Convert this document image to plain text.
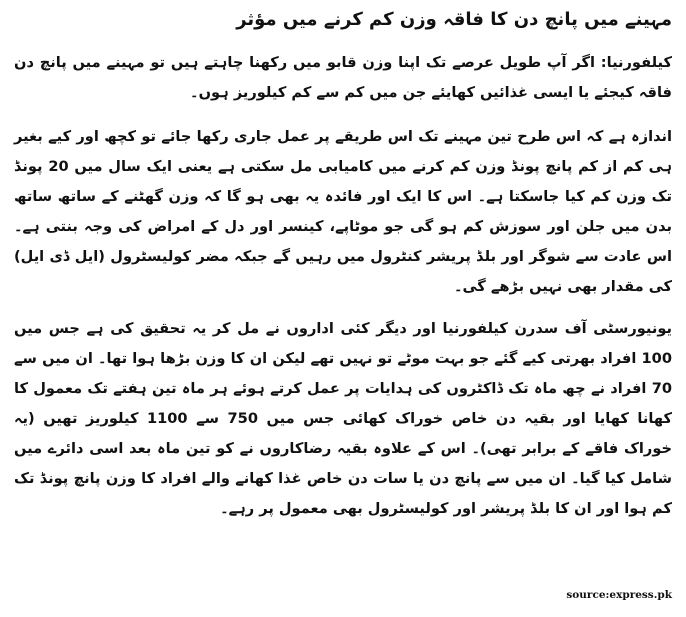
مہینے میں پانچ دن کا فاقہ وزن کم کرنے میں مؤثر

کیلفورنیا: اگر آپ طویل عرصے تک اپنا وزن قابو میں رکھنا چاہتے ہیں تو مہینے میں پانچ دن فاقہ کیجئے یا ایسی غذائیں کھایئے جن میں کم سے کم کیلوریز ہوں۔

اندازہ ہے کہ اس طرح تین مہینے تک اس طریقے پر عمل جاری رکھا جائے تو کچھ اور کیے بغیر ہی کم از کم پانچ پونڈ وزن کم کرنے میں کامیابی مل سکتی ہے یعنی ایک سال میں 20 پونڈ تک وزن کم کیا جاسکتا ہے۔ اس کا ایک اور فائدہ یہ بھی ہو گا کہ وزن گھٹنے کے ساتھ ساتھ بدن میں جلن اور سوزش کم ہو گی جو موٹاپے، کینسر اور دل کے امراض کی وجہ بنتی ہے۔ اس عادت سے شوگر اور بلڈ پریشر کنٹرول میں رہیں گے جبکہ مضر کولیسٹرول (ایل ڈی ایل) کی مقدار بھی نہیں بڑھے گی۔

یونیورسٹی آف سدرن کیلفورنیا اور دیگر کئی اداروں نے مل کر یہ تحقیق کی ہے جس میں 100 افراد بھرتی کیے گئے جو بہت موٹے تو نہیں تھے لیکن ان کا وزن بڑھا ہوا تھا۔ ان میں سے 70 افراد نے چھ ماہ تک ڈاکٹروں کی ہدایات پر عمل کرتے ہوئے ہر ماہ تین ہفتے تک معمول کا کھانا کھایا اور بقیہ دن خاص خوراک کھائی جس میں 750 سے 1100 کیلوریز تھیں (یہ خوراک فاقے کے برابر تھی)۔ اس کے علاوہ بقیہ رضاکاروں نے کو تین ماہ بعد اسی دائرے میں شامل کیا گیا۔ ان میں سے پانچ دن یا سات دن خاص غذا کھانے والے افراد کا وزن پانچ پونڈ تک کم ہوا اور ان کا بلڈ پریشر اور کولیسٹرول بھی معمول پر رہے۔

source:express.pk
